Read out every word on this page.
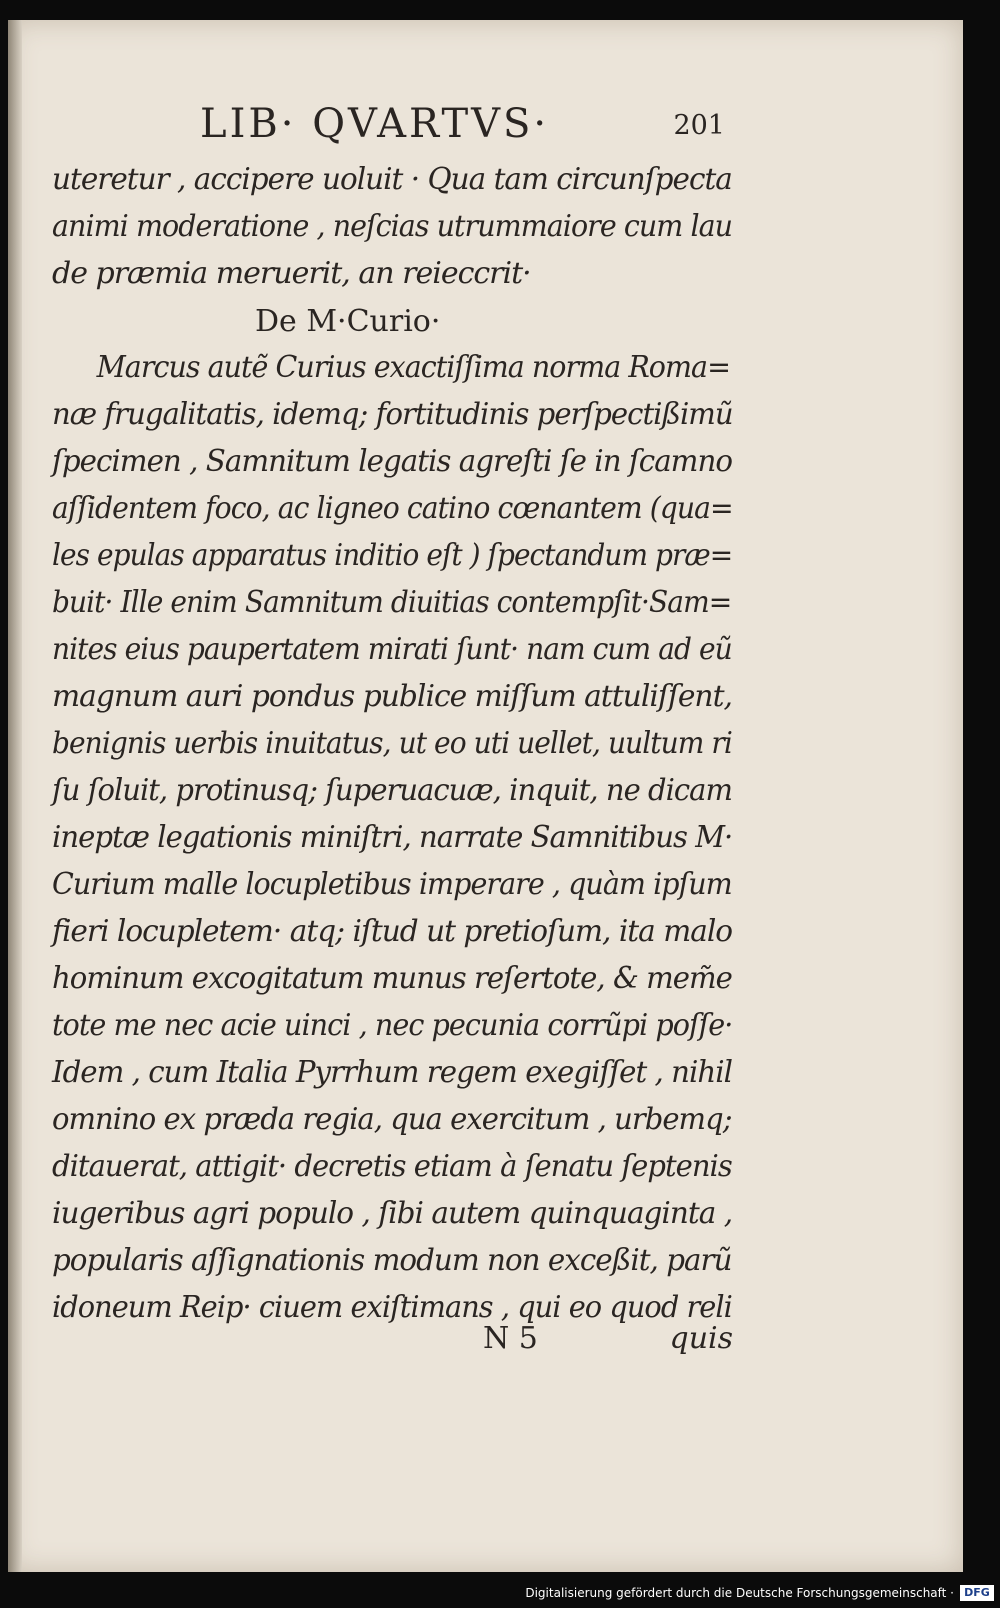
LIB· QVARTVS·	201
uteretur , accipere uoluit · Qua tam circunſpecta
animi moderatione , neſcias utrummaiore cum lau
de præmia meruerit, an reieccrit·
Marcus autẽ Curius exactiſſima norma Roma=
næ frugalitatis, idemq; fortitudinis perſpectißimũ
ſpecimen , Samnitum legatis agreſti ſe in ſcamno
aſſidentem foco, ac ligneo catino cœnantem (qua=
les epulas apparatus inditio eſt ) ſpectandum præ=
buit· Ille enim Samnitum diuitias contempſit·Sam=
nites eius paupertatem mirati ſunt· nam cum ad eũ
magnum auri pondus publice miſſum attuliſſent,
benignis uerbis inuitatus, ut eo uti uellet, uultum ri
ſu ſoluit, protinusq; ſuperuacuæ, inquit, ne dicam
ineptæ legationis miniſtri, narrate Samnitibus M·
Curium malle locupletibus imperare , quàm ipſum
fieri locupletem· atq; iſtud ut pretioſum, ita malo
hominum excogitatum munus reſertote, & mem̃e
tote me nec acie uinci , nec pecunia corrũpi poſſe·
Idem , cum Italia Pyrrhum regem exegiſſet , nihil
omnino ex præda regia, qua exercitum , urbemq;
ditauerat, attigit· decretis etiam à ſenatu ſeptenis
iugeribus agri populo , ſibi autem quinquaginta ,
popularis aſſignationis modum non exceßit, parũ
idoneum Reip· ciuem exiſtimans , qui eo quod reli
De M·Curio·
N 5	quis
Digitalisierung gefördert durch die Deutsche Forschungsgemeinschaft · DFG
